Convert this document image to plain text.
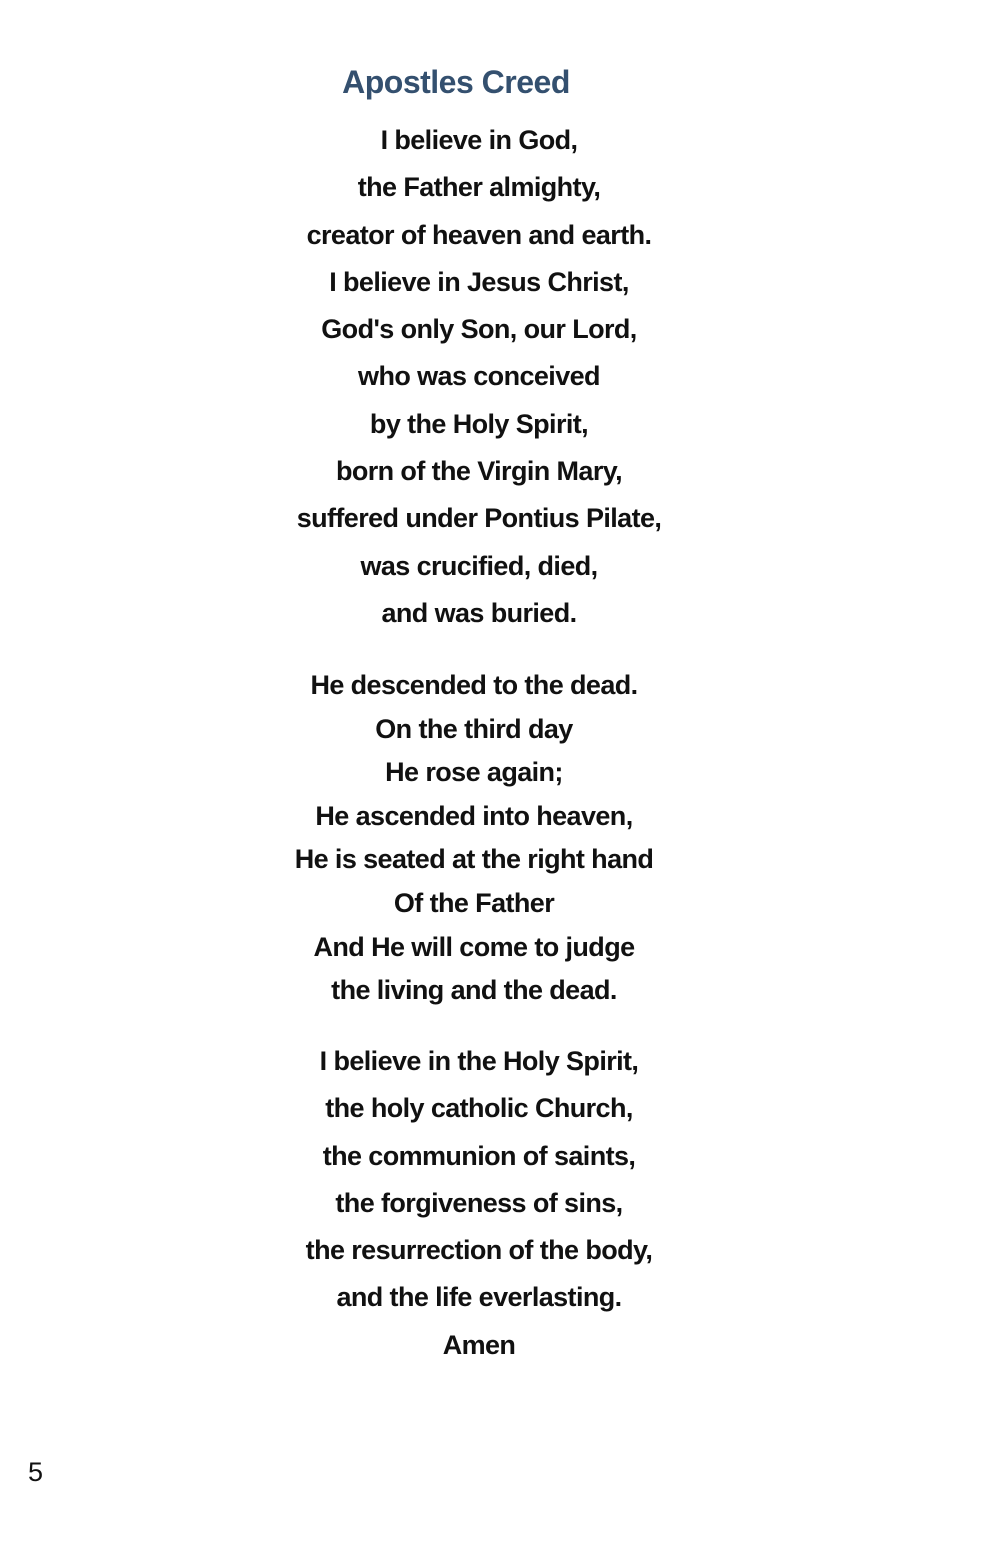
Apostles Creed
I believe in God,
the Father almighty,
creator of heaven and earth.
I believe in Jesus Christ,
God's only Son, our Lord,
who was conceived
by the Holy Spirit,
born of the Virgin Mary,
suffered under Pontius Pilate,
was crucified, died,
and was buried.
He descended to the dead.
On the third day
He rose again;
He ascended into heaven,
He is seated at the right hand
Of the Father
And He will come to judge
the living and the dead.
I believe in the Holy Spirit,
the holy catholic Church,
the communion of saints,
the forgiveness of sins,
the resurrection of the body,
and the life everlasting.
Amen
5
